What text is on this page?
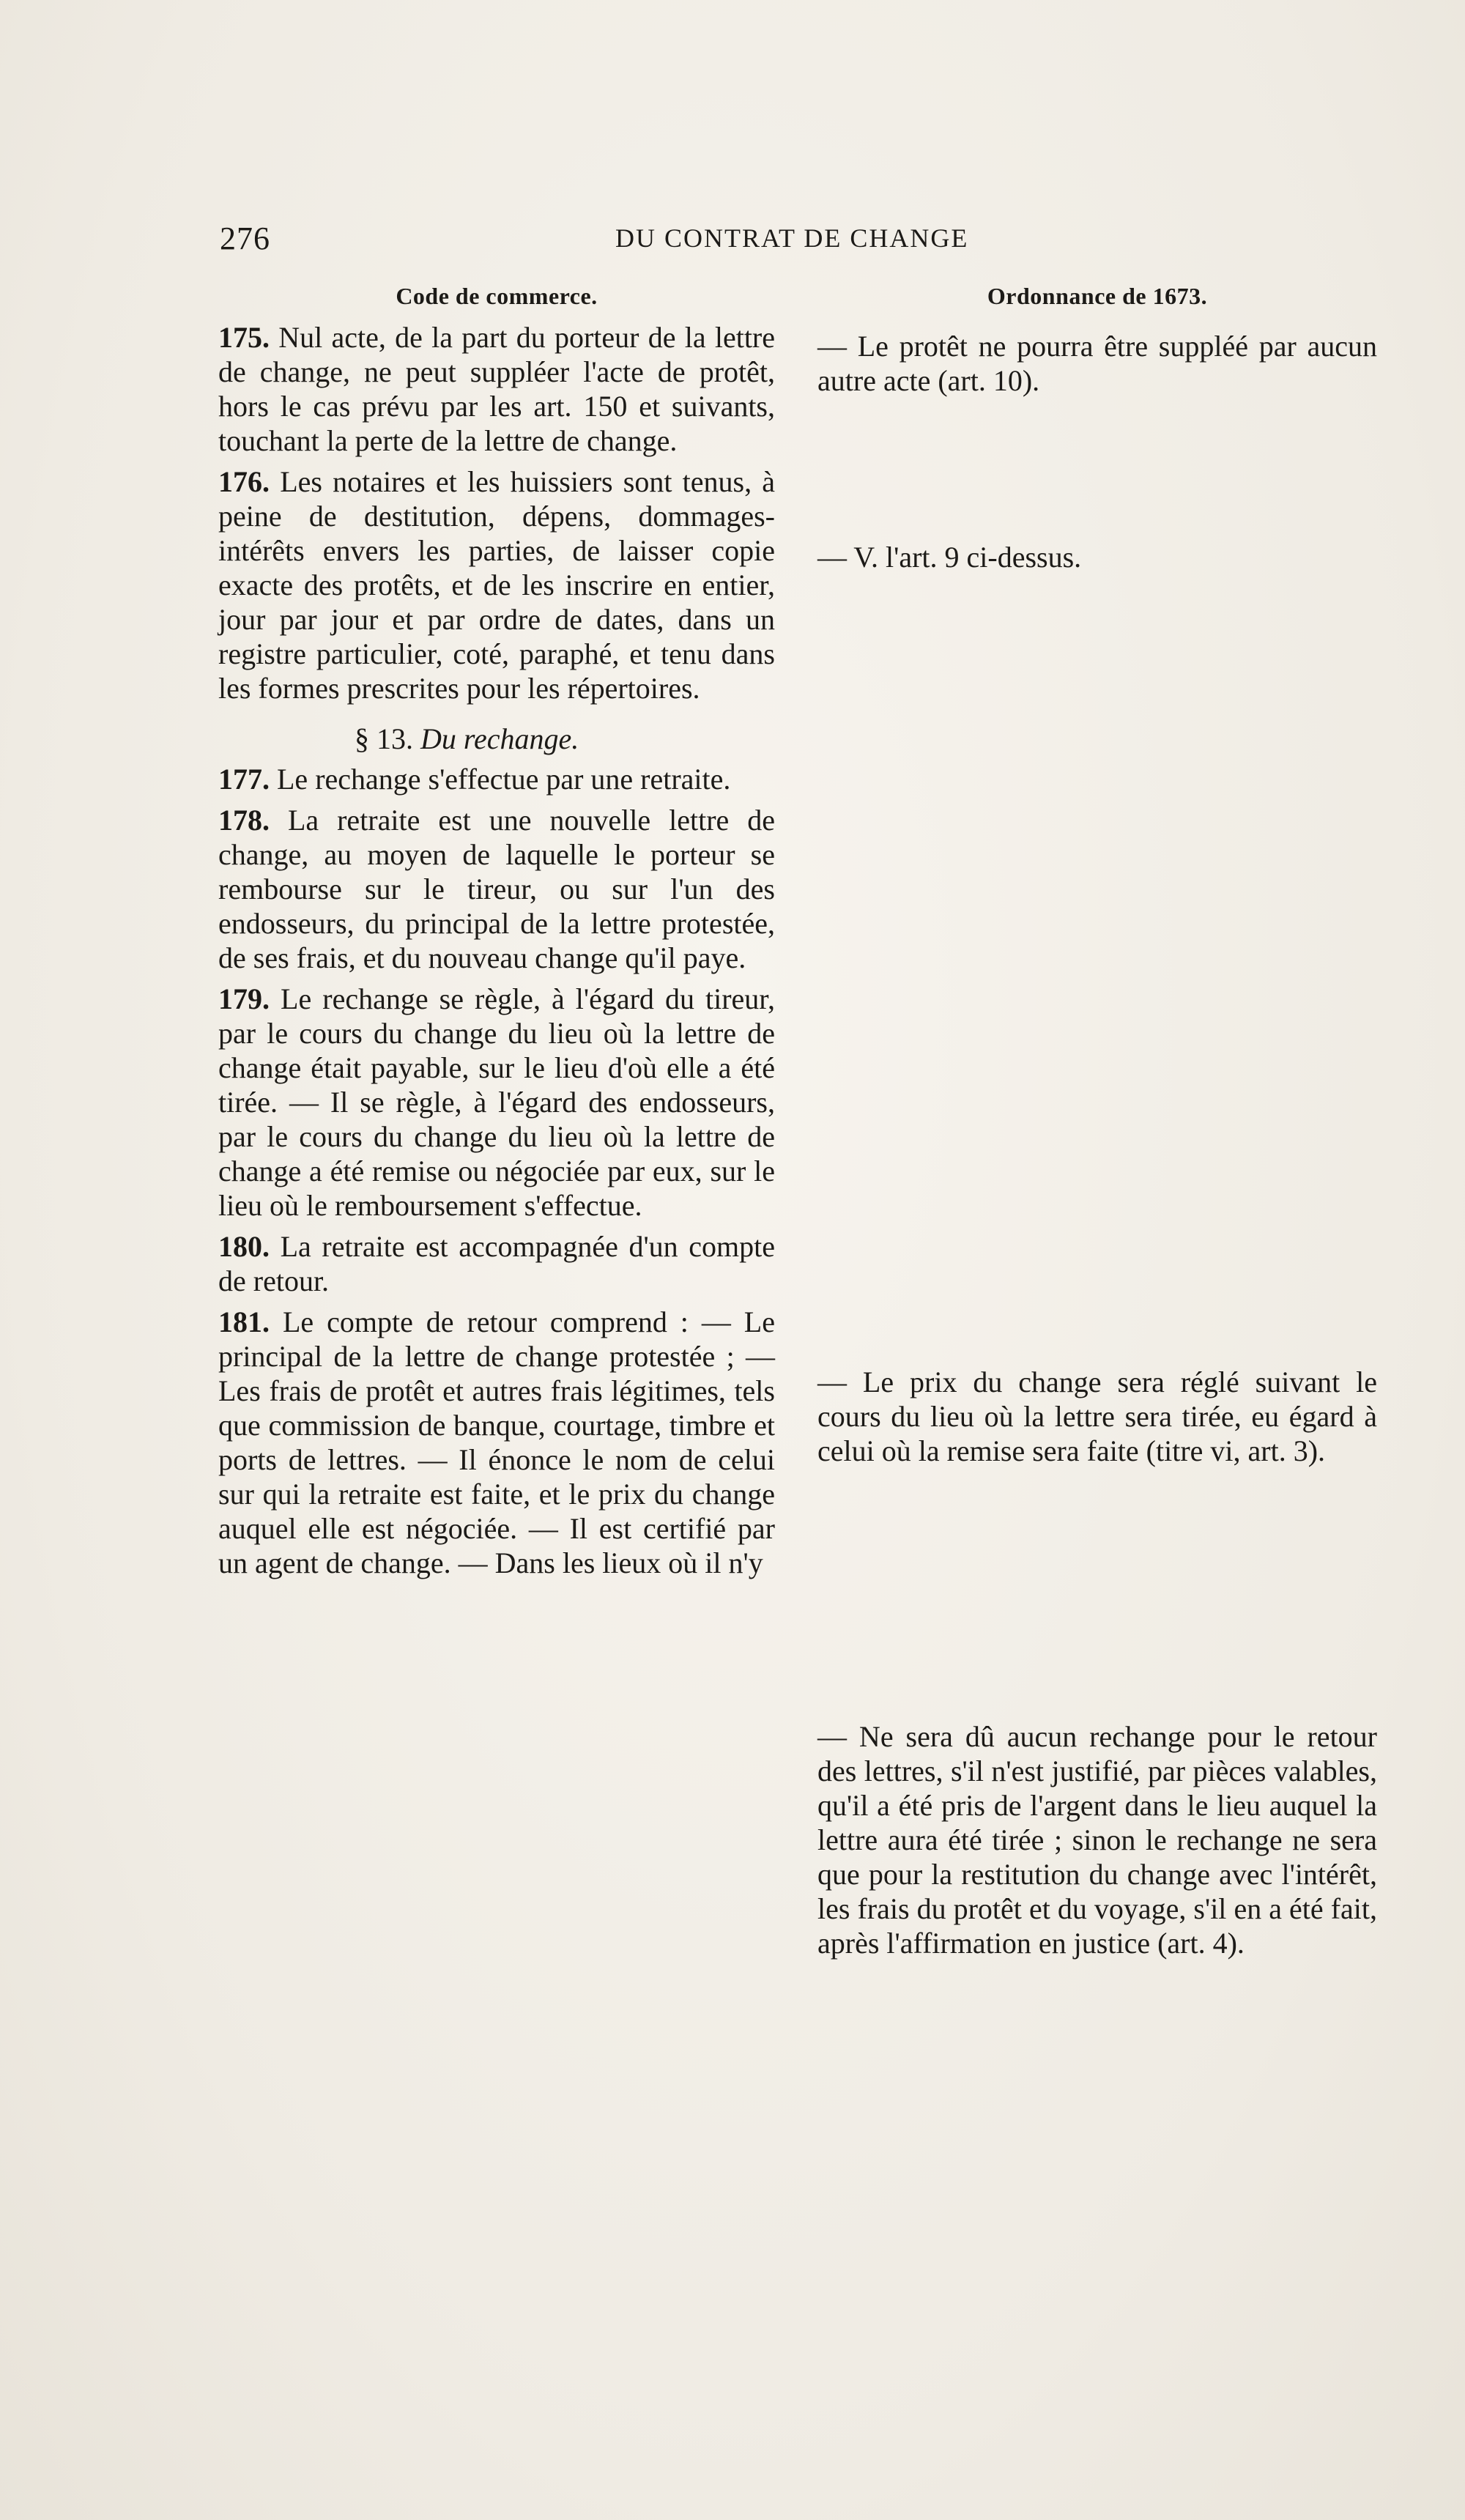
276	DU CONTRAT DE CHANGE
Code de commerce.

175. Nul acte, de la part du porteur de la lettre de change, ne peut suppléer l'acte de protêt, hors le cas prévu par les art. 150 et suivants, touchant la perte de la lettre de change.

176. Les notaires et les huissiers sont tenus, à peine de destitution, dépens, dommages-intérêts envers les parties, de laisser copie exacte des protêts, et de les inscrire en entier, jour par jour et par ordre de dates, dans un registre particulier, coté, paraphé, et tenu dans les formes prescrites pour les répertoires.

§ 13. Du rechange.

177. Le rechange s'effectue par une retraite.

178. La retraite est une nouvelle lettre de change, au moyen de laquelle le porteur se rembourse sur le tireur, ou sur l'un des endosseurs, du principal de la lettre protestée, de ses frais, et du nouveau change qu'il paye.

179. Le rechange se règle, à l'égard du tireur, par le cours du change du lieu où la lettre de change était payable, sur le lieu d'où elle a été tirée. — Il se règle, à l'égard des endosseurs, par le cours du change du lieu où la lettre de change a été remise ou négociée par eux, sur le lieu où le remboursement s'effectue.

180. La retraite est accompagnée d'un compte de retour.

181. Le compte de retour comprend : — Le principal de la lettre de change protestée ; — Les frais de protêt et autres frais légitimes, tels que commission de banque, courtage, timbre et ports de lettres. — Il énonce le nom de celui sur qui la retraite est faite, et le prix du change auquel elle est négociée. — Il est certifié par un agent de change. — Dans les lieux où il n'y

Ordonnance de 1673.

— Le protêt ne pourra être suppléé par aucun autre acte (art. 10).

— V. l'art. 9 ci-dessus.

— Le prix du change sera réglé suivant le cours du lieu où la lettre sera tirée, eu égard à celui où la remise sera faite (titre vi, art. 3).

— Ne sera dû aucun rechange pour le retour des lettres, s'il n'est justifié, par pièces valables, qu'il a été pris de l'argent dans le lieu auquel la lettre aura été tirée ; sinon le rechange ne sera que pour la restitution du change avec l'intérêt, les frais du protêt et du voyage, s'il en a été fait, après l'affirmation en justice (art. 4).
